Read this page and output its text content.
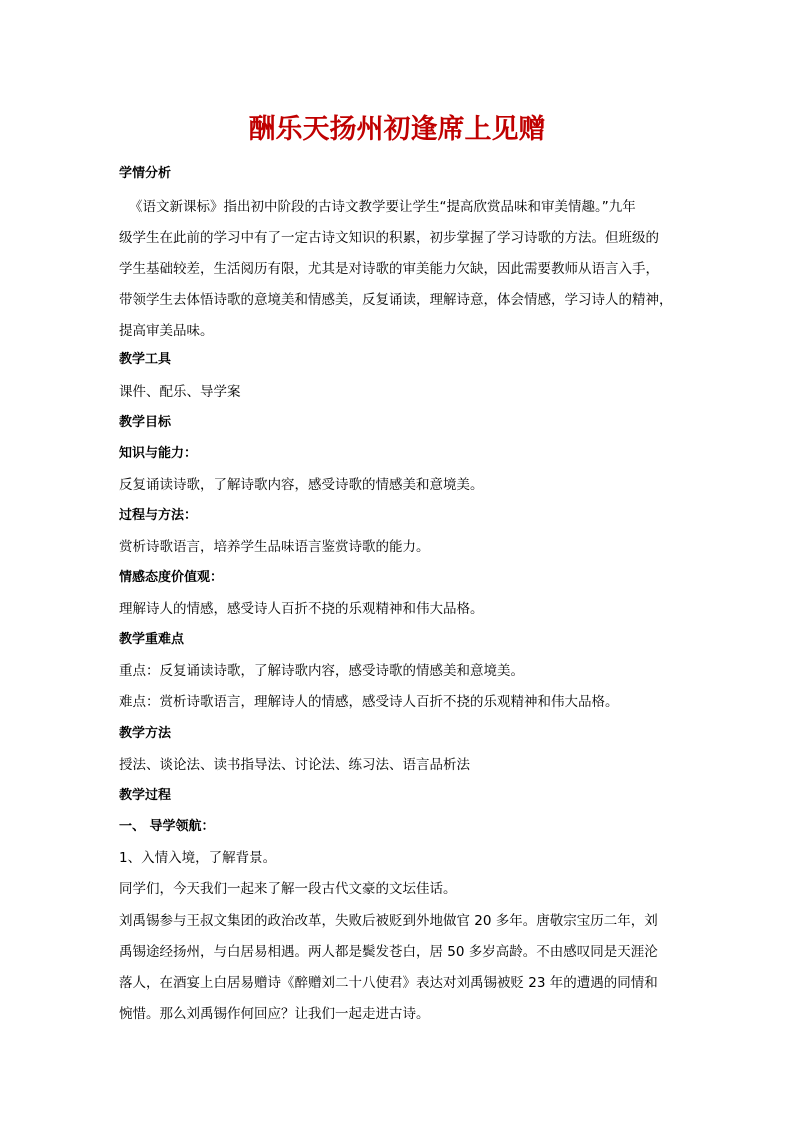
酬乐天扬州初逢席上见赠
学情分析
《语文新课标》指出初中阶段的古诗文教学要让学生“提高欣赏品味和审美情趣。”九年
级学生在此前的学习中有了一定古诗文知识的积累，初步掌握了学习诗歌的方法。但班级的
学生基础较差，生活阅历有限，尤其是对诗歌的审美能力欠缺，因此需要教师从语言入手，
带领学生去体悟诗歌的意境美和情感美，反复诵读，理解诗意，体会情感，学习诗人的精神，
提高审美品味。
教学工具
课件、配乐、导学案
教学目标
知识与能力：
反复诵读诗歌，了解诗歌内容，感受诗歌的情感美和意境美。
过程与方法：
赏析诗歌语言，培养学生品味语言鉴赏诗歌的能力。
情感态度价值观：
理解诗人的情感，感受诗人百折不挠的乐观精神和伟大品格。
教学重难点
重点：反复诵读诗歌，了解诗歌内容，感受诗歌的情感美和意境美。
难点：赏析诗歌语言，理解诗人的情感，感受诗人百折不挠的乐观精神和伟大品格。
教学方法
授法、谈论法、读书指导法、讨论法、练习法、语言品析法
教学过程
一、 导学领航：
1、入情入境，了解背景。
同学们，今天我们一起来了解一段古代文豪的文坛佳话。
刘禹锡参与王叔文集团的政治改革，失败后被贬到外地做官 20 多年。唐敬宗宝历二年，刘
禹锡途经扬州，与白居易相遇。两人都是鬓发苍白，居 50 多岁高龄。不由感叹同是天涯沦
落人，在酒宴上白居易赠诗《醉赠刘二十八使君》表达对刘禹锡被贬 23 年的遭遇的同情和
惋惜。那么刘禹锡作何回应？让我们一起走进古诗。
